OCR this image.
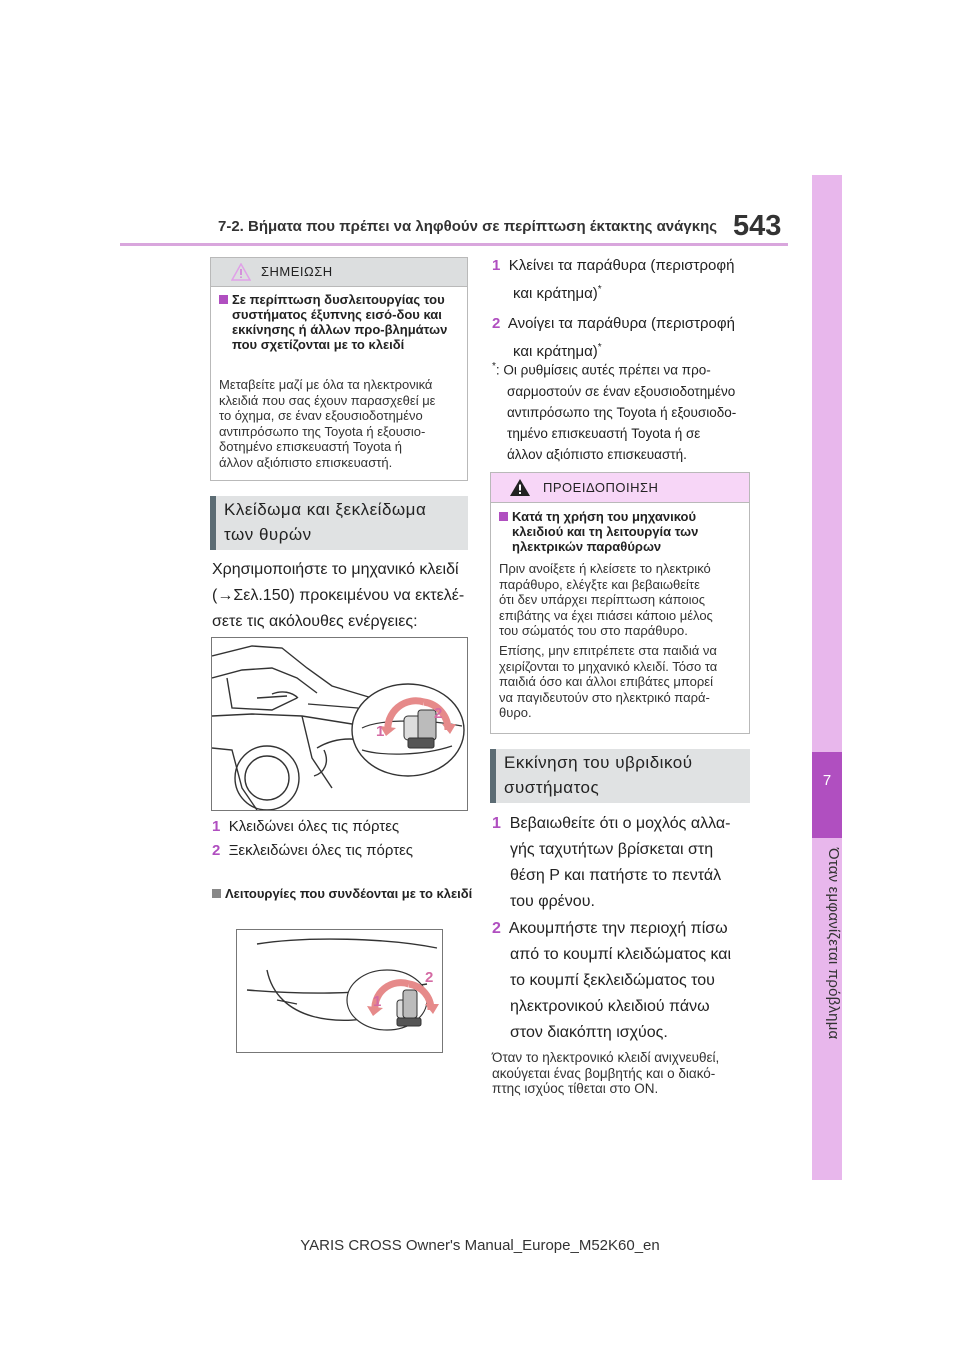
7-2. Βήματα που πρέπει να ληφθούν σε περίπτωση έκτακτης ανάγκης 543
7
Όταν εμφανίζεται πρόβλημα
ΣΗΜΕΙΩΣΗ
Σε περίπτωση δυσλειτουργίας του συστήματος έξυπνης εισό-δου και εκκίνησης ή άλλων προ-βλημάτων που σχετίζονται με το κλειδί
Μεταβείτε μαζί με όλα τα ηλεκτρονικά
κλειδιά που σας έχουν παρασχεθεί με
το όχημα, σε έναν εξουσιοδοτημένο
αντιπρόσωπο της Toyota ή εξουσιο-
δοτημένο επισκευαστή Toyota ή
άλλον αξιόπιστο επισκευαστή.
Κλείδωμα και ξεκλείδωμα
των θυρών
Χρησιμοποιήστε το μηχανικό κλειδί
(→Σελ.150) προκειμένου να εκτελέ-
σετε τις ακόλουθες ενέργειες:
1
2
1 Κλειδώνει όλες τις πόρτες
2 Ξεκλειδώνει όλες τις πόρτες
Λειτουργίες που συνδέονται με το κλειδί
1
2
1 Κλείνει τα παράθυρα (περιστροφή
και κράτημα)*
2 Ανοίγει τα παράθυρα (περιστροφή
και κράτημα)*
*: Οι ρυθμίσεις αυτές πρέπει να προ-
σαρμοστούν σε έναν εξουσιοδοτημένο
αντιπρόσωπο της Toyota ή εξουσιοδο-
τημένο επισκευαστή Toyota ή σε
άλλον αξιόπιστο επισκευαστή.
ΠΡΟΕΙΔΟΠΟΙΗΣΗ
Κατά τη χρήση του μηχανικού κλειδιού και τη λειτουργία των ηλεκτρικών παραθύρων
Πριν ανοίξετε ή κλείσετε το ηλεκτρικό
παράθυρο, ελέγξτε και βεβαιωθείτε
ότι δεν υπάρχει περίπτωση κάποιος
επιβάτης να έχει πιάσει κάποιο μέλος
του σώματός του στο παράθυρο.
Επίσης, μην επιτρέπετε στα παιδιά να
χειρίζονται το μηχανικό κλειδί. Τόσο τα
παιδιά όσο και άλλοι επιβάτες μπορεί
να παγιδευτούν στο ηλεκτρικό παρά-
θυρο.
Εκκίνηση του υβριδικού
συστήματος
1 Βεβαιωθείτε ότι ο μοχλός αλλα-
γής ταχυτήτων βρίσκεται στη
θέση P και πατήστε το πεντάλ
του φρένου.
2 Ακουμπήστε την περιοχή πίσω
από το κουμπί κλειδώματος και
το κουμπί ξεκλειδώματος του
ηλεκτρονικού κλειδιού πάνω
στον διακόπτη ισχύος.
Όταν το ηλεκτρονικό κλειδί ανιχνευθεί,
ακούγεται ένας βομβητής και ο διακό-
πτης ισχύος τίθεται στο ON.
YARIS CROSS Owner's Manual_Europe_M52K60_en
